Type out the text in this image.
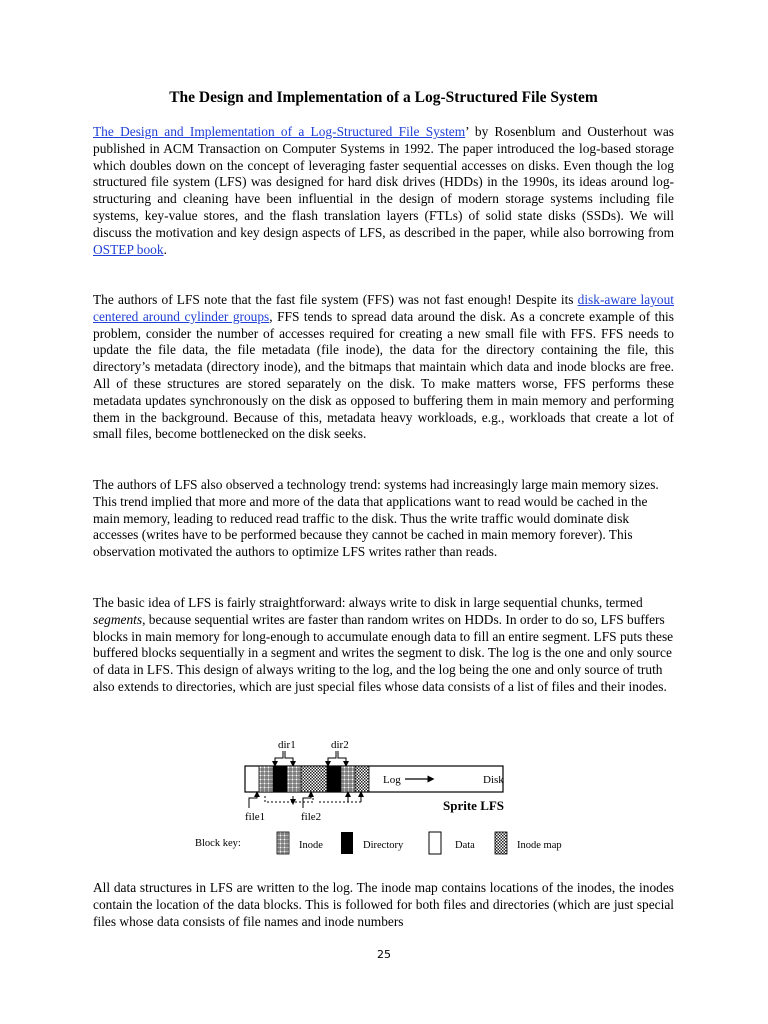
The Design and Implementation of a Log-Structured File System

The Design and Implementation of a Log-Structured File System’ by Rosenblum and Ousterhout was published in ACM Transaction on Computer Systems in 1992. The paper introduced the log-based storage which doubles down on the concept of leveraging faster sequential accesses on disks. Even though the log structured file system (LFS) was designed for hard disk drives (HDDs) in the 1990s, its ideas around log-structuring and cleaning have been influential in the design of modern storage systems including file systems, key-value stores, and the flash translation layers (FTLs) of solid state disks (SSDs). We will discuss the motivation and key design aspects of LFS, as described in the paper, while also borrowing from OSTEP book.

The authors of LFS note that the fast file system (FFS) was not fast enough! Despite its disk-aware layout centered around cylinder groups, FFS tends to spread data around the disk. As a concrete example of this problem, consider the number of accesses required for creating a new small file with FFS. FFS needs to update the file data, the file metadata (file inode), the data for the directory containing the file, this directory’s metadata (directory inode), and the bitmaps that maintain which data and inode blocks are free. All of these structures are stored separately on the disk. To make matters worse, FFS performs these metadata updates synchronously on the disk as opposed to buffering them in main memory and performing them in the background. Because of this, metadata heavy workloads, e.g., workloads that create a lot of small files, become bottlenecked on the disk seeks.

The authors of LFS also observed a technology trend: systems had increasingly large main memory sizes. This trend implied that more and more of the data that applications want to read would be cached in the main memory, leading to reduced read traffic to the disk. Thus the write traffic would dominate disk accesses (writes have to be performed because they cannot be cached in main memory forever). This observation motivated the authors to optimize LFS writes rather than reads.

The basic idea of LFS is fairly straightforward: always write to disk in large sequential chunks, termed segments, because sequential writes are faster than random writes on HDDs. In order to do so, LFS buffers blocks in main memory for long-enough to accumulate enough data to fill an entire segment. LFS puts these buffered blocks sequentially in a segment and writes the segment to disk. The log is the one and only source of data in LFS. This design of always writing to the log, and the log being the one and only source of truth also extends to directories, which are just special files whose data consists of a list of files and their inodes.

All data structures in LFS are written to the log. The inode map contains locations of the inodes, the inodes contain the location of the data blocks. This is followed for both files and directories (which are just special files whose data consists of file names and inode numbers

dir1	dir2
Log	Disk
file1	file2
Sprite LFS
Block key:	Inode	Directory	Data	Inode map
25
